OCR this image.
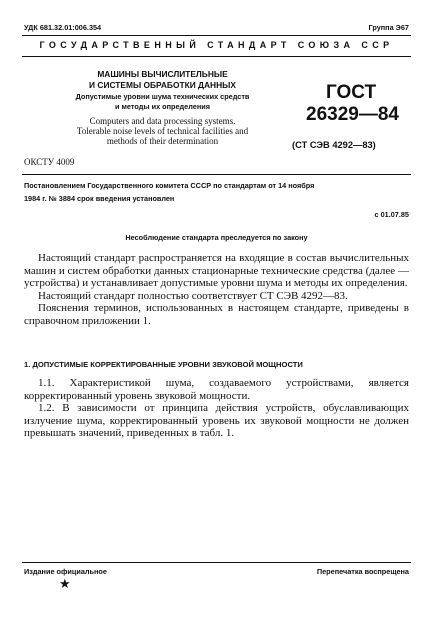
УДК 681.32.01:006.354	Группа Э67
ГОСУДАРСТВЕННЫЙ СТАНДАРТ СОЮЗА ССР
МАШИНЫ ВЫЧИСЛИТЕЛЬНЫЕ
И СИСТЕМЫ ОБРАБОТКИ ДАННЫХ
Допустимые уровни шума технических средств
и методы их определения
Computers and data processing systems.
Tolerable noise levels of technical facilities and
methods of their determination
ГОСТ
26329—84
(СТ СЭВ 4292—83)
ОКСТУ 4009
Постановлением Государственного комитета СССР по стандартам от 14 ноября
1984 г. № 3884 срок введения установлен
с 01.07.85
Несоблюдение стандарта преследуется по закону

Настоящий стандарт распространяется на входящие в состав вычислительных машин и систем обработки данных стационарные технические средства (далее — устройства) и устанавливает допустимые уровни шума и методы их определения.

Настоящий стандарт полностью соответствует СТ СЭВ 4292—83.

Пояснения терминов, использованных в настоящем стандарте, приведены в справочном приложении 1.

1. ДОПУСТИМЫЕ КОРРЕКТИРОВАННЫЕ УРОВНИ ЗВУКОВОЙ МОЩНОСТИ

1.1. Характеристикой шума, создаваемого устройствами, является корректированный уровень звуковой мощности.

1.2. В зависимости от принципа действия устройств, обуславливающих излучение шума, корректированный уровень их звуковой мощности не должен превышать значений, приведенных в табл. 1.

Издание официальное	Перепечатка воспрещена
★
